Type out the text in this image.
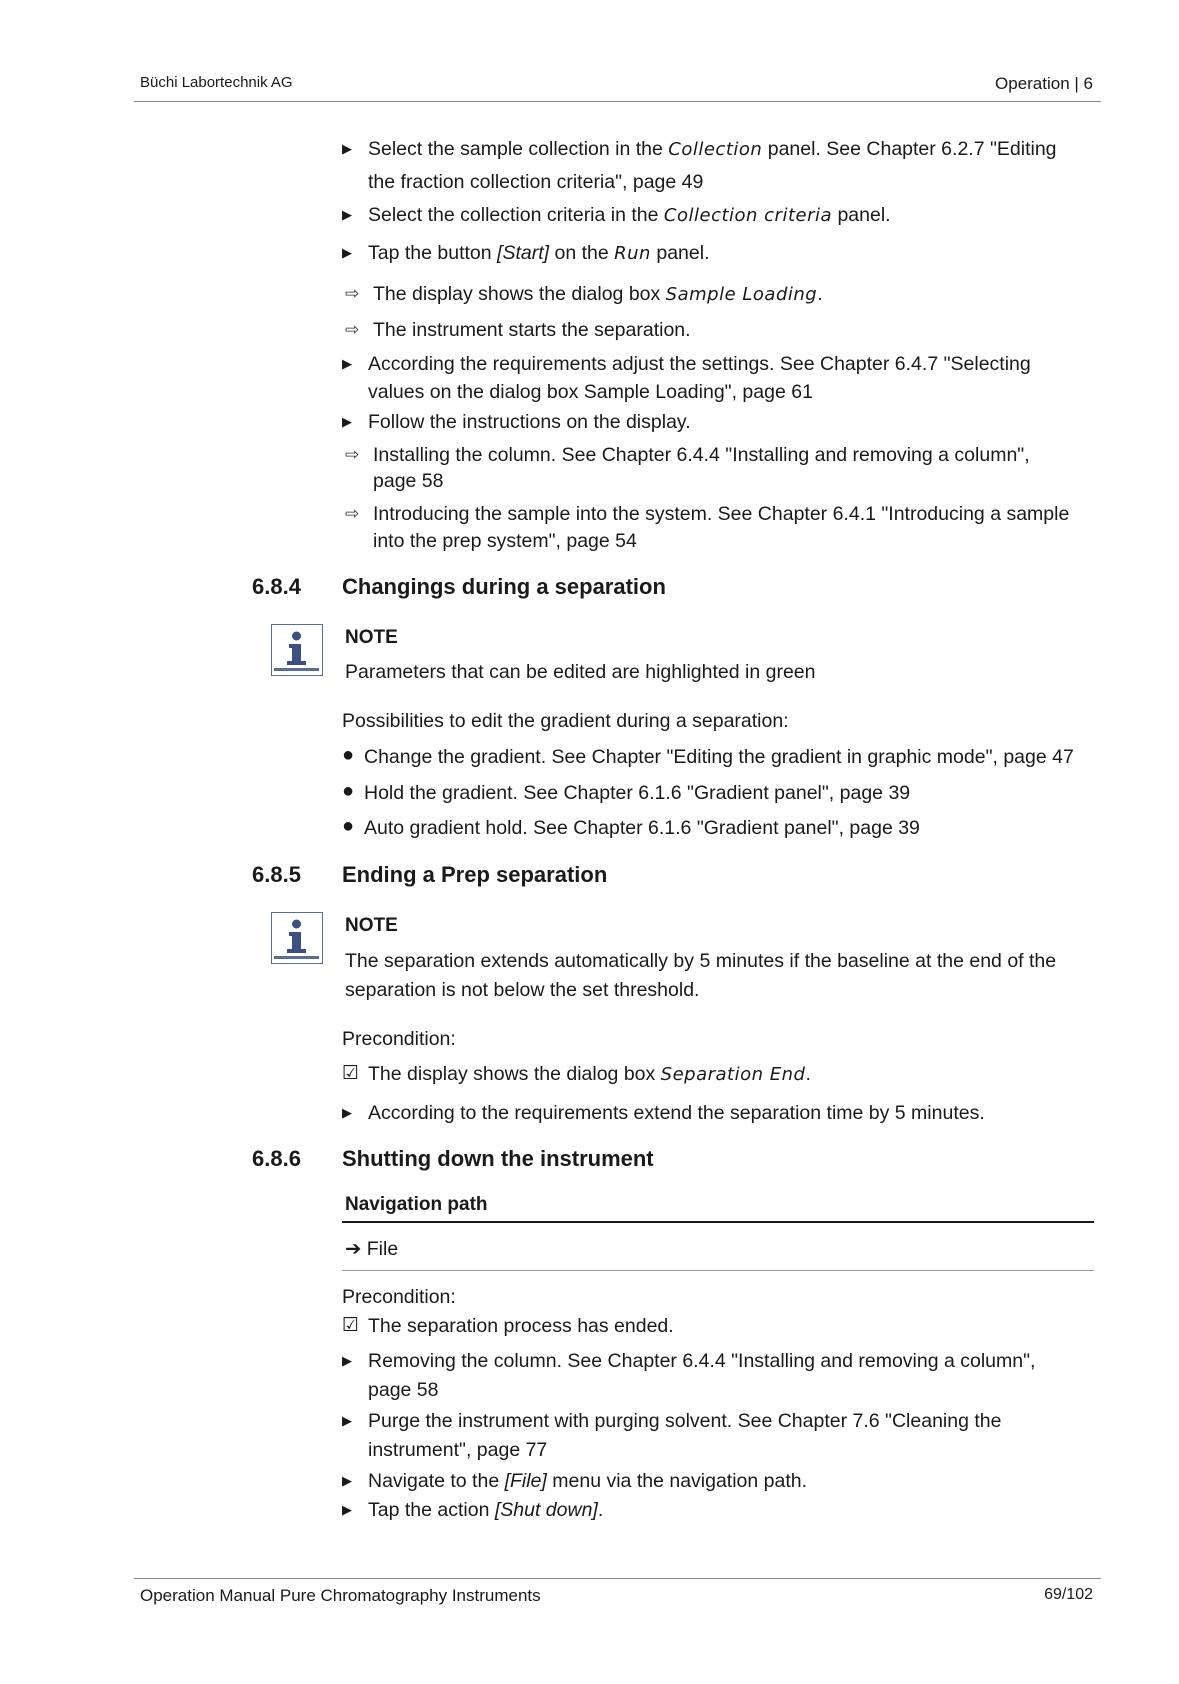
Büchi Labortechnik AG	Operation | 6
▶ Select the sample collection in the Collection panel. See Chapter 6.2.7 "Editing
the fraction collection criteria", page 49
▶ Select the collection criteria in the Collection criteria panel.
▶ Tap the button [Start] on the Run panel.
⇨ The display shows the dialog box Sample Loading.
⇨ The instrument starts the separation.
▶ According the requirements adjust the settings. See Chapter 6.4.7 "Selecting
values on the dialog box Sample Loading", page 61
▶ Follow the instructions on the display.
⇨ Installing the column. See Chapter 6.4.4 "Installing and removing a column",
page 58
⇨ Introducing the sample into the system. See Chapter 6.4.1 "Introducing a sample
into the prep system", page 54
6.8.4 Changings during a separation
NOTE
Parameters that can be edited are highlighted in green
Possibilities to edit the gradient during a separation:
● Change the gradient. See Chapter "Editing the gradient in graphic mode", page 47
● Hold the gradient. See Chapter 6.1.6 "Gradient panel", page 39
● Auto gradient hold. See Chapter 6.1.6 "Gradient panel", page 39
6.8.5 Ending a Prep separation
NOTE
The separation extends automatically by 5 minutes if the baseline at the end of the
separation is not below the set threshold.
Precondition:
☑ The display shows the dialog box Separation End.
▶ According to the requirements extend the separation time by 5 minutes.
6.8.6 Shutting down the instrument
Navigation path
➔ File
Precondition:
☑ The separation process has ended.
▶ Removing the column. See Chapter 6.4.4 "Installing and removing a column",
page 58
▶ Purge the instrument with purging solvent. See Chapter 7.6 "Cleaning the
instrument", page 77
▶ Navigate to the [File] menu via the navigation path.
▶ Tap the action [Shut down].
Operation Manual Pure Chromatography Instruments	69/102
